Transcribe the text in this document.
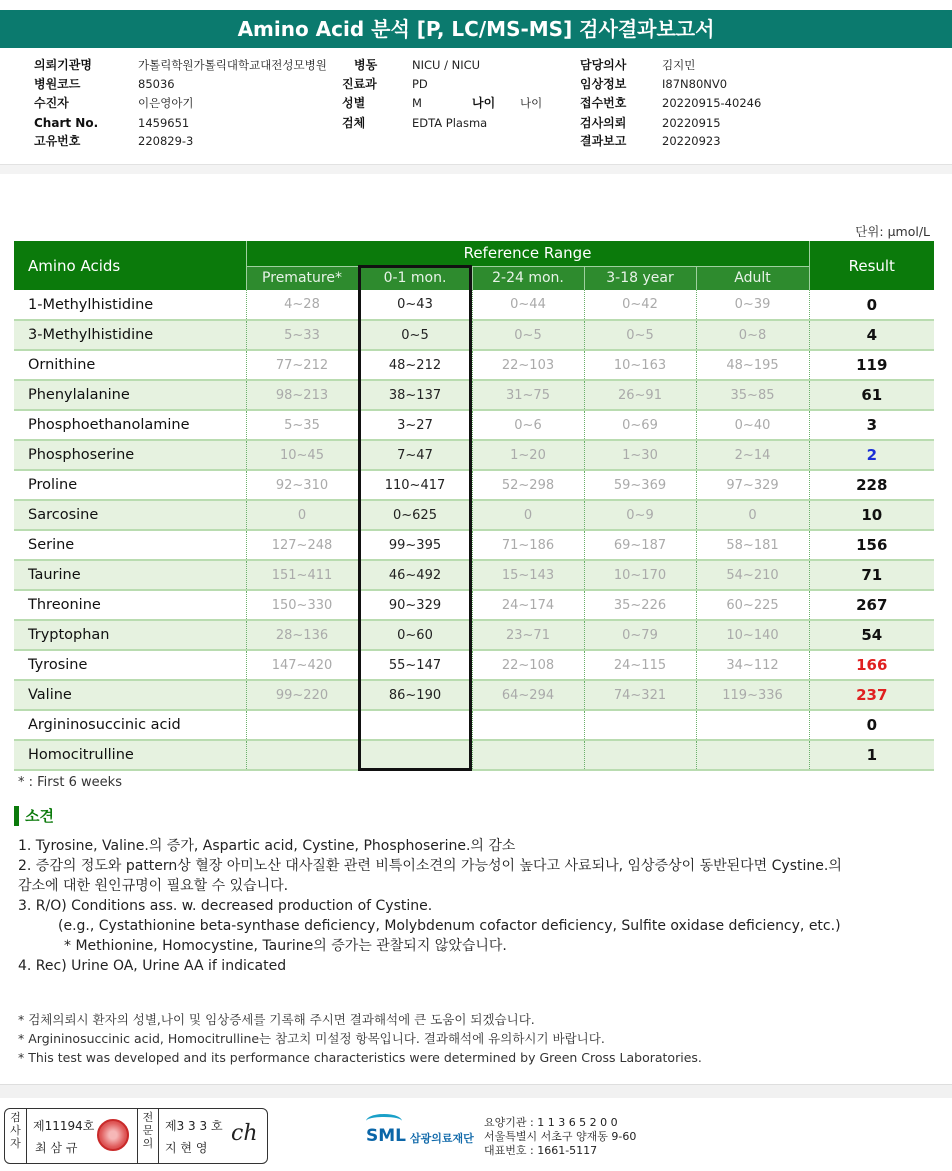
Amino Acid 분석 [P, LC/MS-MS] 검사결과보고서
의뢰기관명	가톨릭학원가톨릭대학교대전성모병원 병동	NICU / NICU	담당의사	김지민
병원코드	85036	진료과	PD	임상정보	I87N80NV0
수진자	이은영아기	성별	M	나이 나이	접수번호	20220915-40246
Chart No.	1459651	검체	EDTA Plasma	검사의뢰	20220915
고유번호	220829-3	결과보고	20220923
단위: μmol/L
Amino Acids	Reference Range					Result
	Premature*	0-1 mon.	2-24 mon.	3-18 year	Adult	
1-Methylhistidine	4~28	0~43	0~44	0~42	0~39	0
3-Methylhistidine	5~33	0~5	0~5	0~5	0~8	4
Ornithine	77~212	48~212	22~103	10~163	48~195	119
Phenylalanine	98~213	38~137	31~75	26~91	35~85	61
Phosphoethanolamine	5~35	3~27	0~6	0~69	0~40	3
Phosphoserine	10~45	7~47	1~20	1~30	2~14	2
Proline	92~310	110~417	52~298	59~369	97~329	228
Sarcosine	0	0~625	0	0~9	0	10
Serine	127~248	99~395	71~186	69~187	58~181	156
Taurine	151~411	46~492	15~143	10~170	54~210	71
Threonine	150~330	90~329	24~174	35~226	60~225	267
Tryptophan	28~136	0~60	23~71	0~79	10~140	54
Tyrosine	147~420	55~147	22~108	24~115	34~112	166
Valine	99~220	86~190	64~294	74~321	119~336	237
Argininosuccinic acid						0
Homocitrulline						1
* : First 6 weeks
소견
1. Tyrosine, Valine.의 증가, Aspartic acid, Cystine, Phosphoserine.의 감소
2. 증감의 정도와 pattern상 혈장 아미노산 대사질환 관련 비특이소견의 가능성이 높다고 사료되나, 임상증상이 동반된다면 Cystine.의
감소에 대한 원인규명이 필요할 수 있습니다.
3. R/O) Conditions ass. w. decreased production of Cystine.
(e.g., Cystathionine beta-synthase deficiency, Molybdenum cofactor deficiency, Sulfite oxidase deficiency, etc.)
* Methionine, Homocystine, Taurine의 증가는 관찰되지 않았습니다.
4. Rec) Urine OA, Urine AA if indicated
* 검체의뢰시 환자의 성별,나이 및 임상증세를 기록해 주시면 결과해석에 큰 도움이 되겠습니다.
* Argininosuccinic acid, Homocitrulline는 참고치 미설정 항목입니다. 결과해석에 유의하시기 바랍니다.
* This test was developed and its performance characteristics were determined by Green Cross Laboratories.
검사자
제11194호
최 삼 규
전문의
제3 3 3 호
지 현 영
ch	SML 삼광의료재단
요양기관 : 1 1 3 6 5 2 0 0
서울특별시 서초구 양재동 9-60
대표번호 : 1661-5117
